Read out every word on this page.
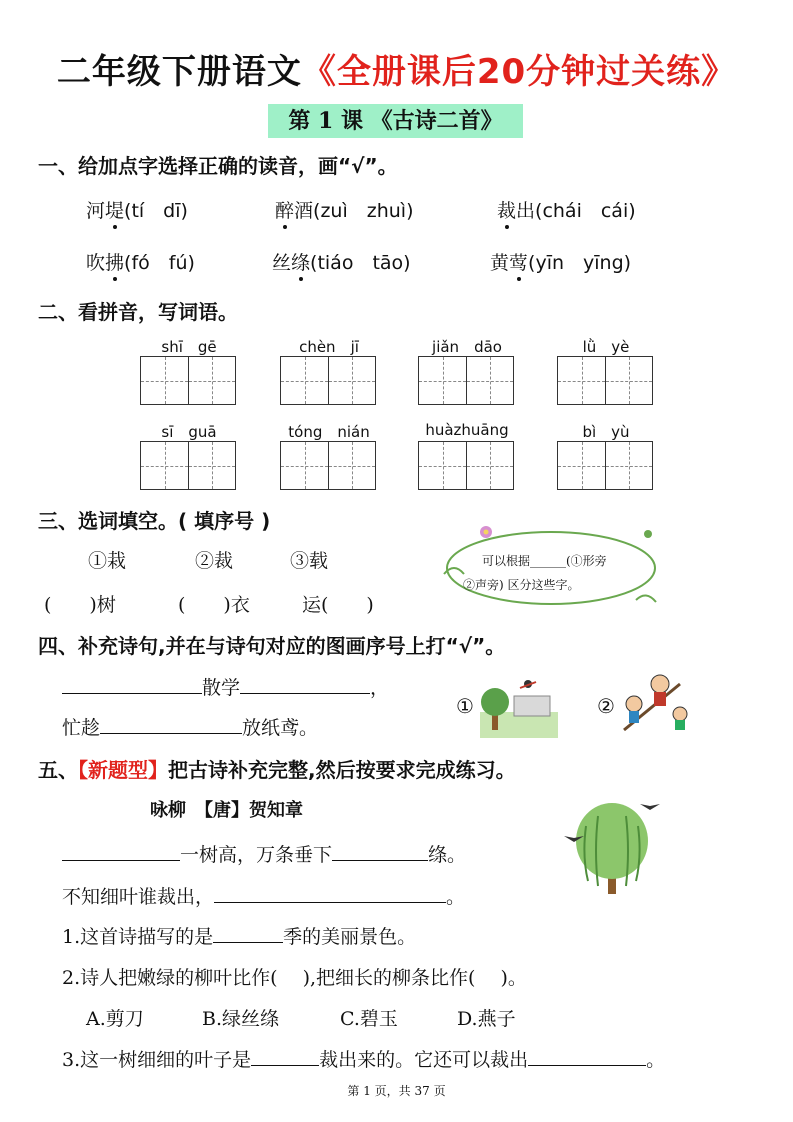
二年级下册语文《全册课后20分钟过关练》
第 1 课 《古诗二首》
一、给加点字选择正确的读音，画“√”。
河堤(tí　dī)	醉酒(zuì　zhuì)	裁出(chái　cái)
吹拂(fó　fú)	丝绦(tiáo　tāo)	黄莺(yīn　yīng)
二、看拼音，写词语。
shī　gē	chèn　jī	jiǎn　dāo	lǜ　yè
sī　guā	tóng　nián	huàzhuāng	bì　yù
三、选词填空。( 填序号 )
①栽	②裁	③载
(　　)树	(　　)衣	运(　　)
可以根据______(①形旁
②声旁) 区分这些字。
四、补充诗句,并在与诗句对应的图画序号上打“√”。
散学	，
忙趁	放纸鸢。
①	②
五、【新题型】把古诗补充完整,然后按要求完成练习。
咏柳　【唐】贺知章
一树高，万条垂下	绦。
不知细叶谁裁出，	。
1.这首诗描写的是	季的美丽景色。
2.诗人把嫩绿的柳叶比作(　 ),把细长的柳条比作(　 )。
A.剪刀	B.绿丝绦	C.碧玉	D.燕子
3.这一树细细的叶子是	裁出来的。它还可以裁出	。
第 1 页，共 37 页
